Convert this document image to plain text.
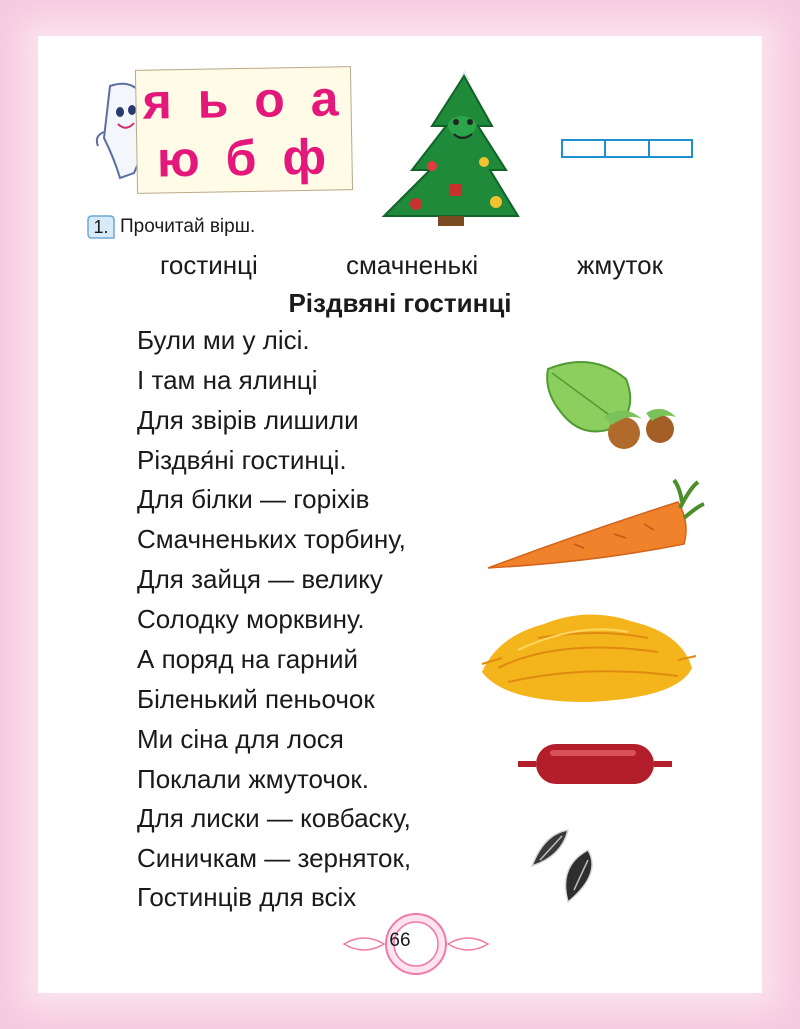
я ь о а
ю б ф
1. Прочитай вірш.
гостинці	смачненькі	жмуток
Різдвяні гостинці
Були ми у лісі.
І там на ялинці
Для звірів лишили
Різдвя́ні гостинці.
Для білки — горіхів
Смачненьких торбину,
Для зайця — велику
Солодку морквину.
А поряд на гарний
Біленький пеньочок
Ми сіна для лося
Поклали жмуточок.
Для лиски — ковбаску,
Синичкам — зерняток,
Гостинців для всіх
66
